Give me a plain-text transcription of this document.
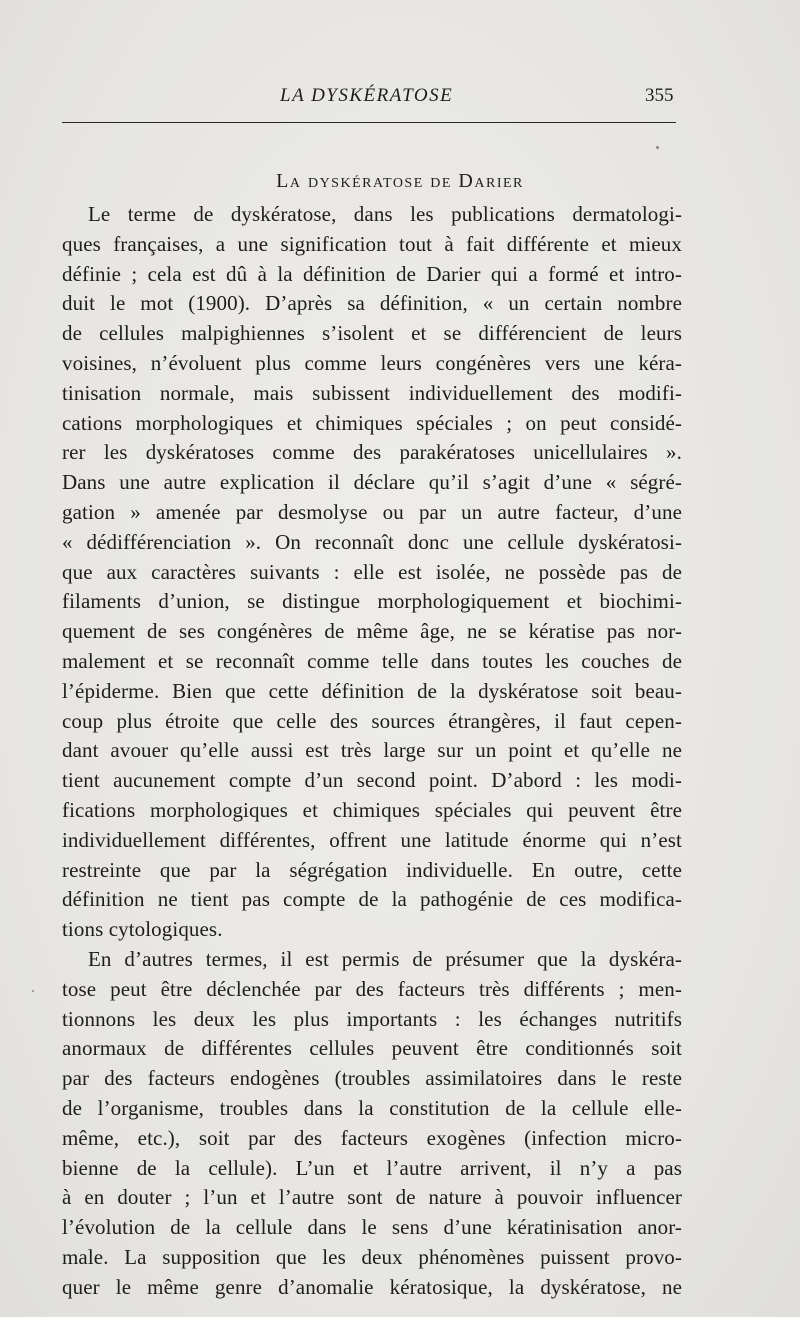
LA DYSKÉRATOSE	355
La dyskératose de Darier
Le terme de dyskératose, dans les publications dermatologi-
ques françaises, a une signification tout à fait différente et mieux
définie ; cela est dû à la définition de Darier qui a formé et intro-
duit le mot (1900). D’après sa définition, « un certain nombre
de cellules malpighiennes s’isolent et se différencient de leurs
voisines, n’évoluent plus comme leurs congénères vers une kéra-
tinisation normale, mais subissent individuellement des modifi-
cations morphologiques et chimiques spéciales ; on peut considé-
rer les dyskératoses comme des parakératoses unicellulaires ».
Dans une autre explication il déclare qu’il s’agit d’une « ségré-
gation » amenée par desmolyse ou par un autre facteur, d’une
« dédifférenciation ». On reconnaît donc une cellule dyskératosi-
que aux caractères suivants : elle est isolée, ne possède pas de
filaments d’union, se distingue morphologiquement et biochimi-
quement de ses congénères de même âge, ne se kératise pas nor-
malement et se reconnaît comme telle dans toutes les couches de
l’épiderme. Bien que cette définition de la dyskératose soit beau-
coup plus étroite que celle des sources étrangères, il faut cepen-
dant avouer qu’elle aussi est très large sur un point et qu’elle ne
tient aucunement compte d’un second point. D’abord : les modi-
fications morphologiques et chimiques spéciales qui peuvent être
individuellement différentes, offrent une latitude énorme qui n’est
restreinte que par la ségrégation individuelle. En outre, cette
définition ne tient pas compte de la pathogénie de ces modifica-
tions cytologiques.
En d’autres termes, il est permis de présumer que la dyskéra-
tose peut être déclenchée par des facteurs très différents ; men-
tionnons les deux les plus importants : les échanges nutritifs
anormaux de différentes cellules peuvent être conditionnés soit
par des facteurs endogènes (troubles assimilatoires dans le reste
de l’organisme, troubles dans la constitution de la cellule elle-
même, etc.), soit par des facteurs exogènes (infection micro-
bienne de la cellule). L’un et l’autre arrivent, il n’y a pas
à en douter ; l’un et l’autre sont de nature à pouvoir influencer
l’évolution de la cellule dans le sens d’une kératinisation anor-
male. La supposition que les deux phénomènes puissent provo-
quer le même genre d’anomalie kératosique, la dyskératose, ne
